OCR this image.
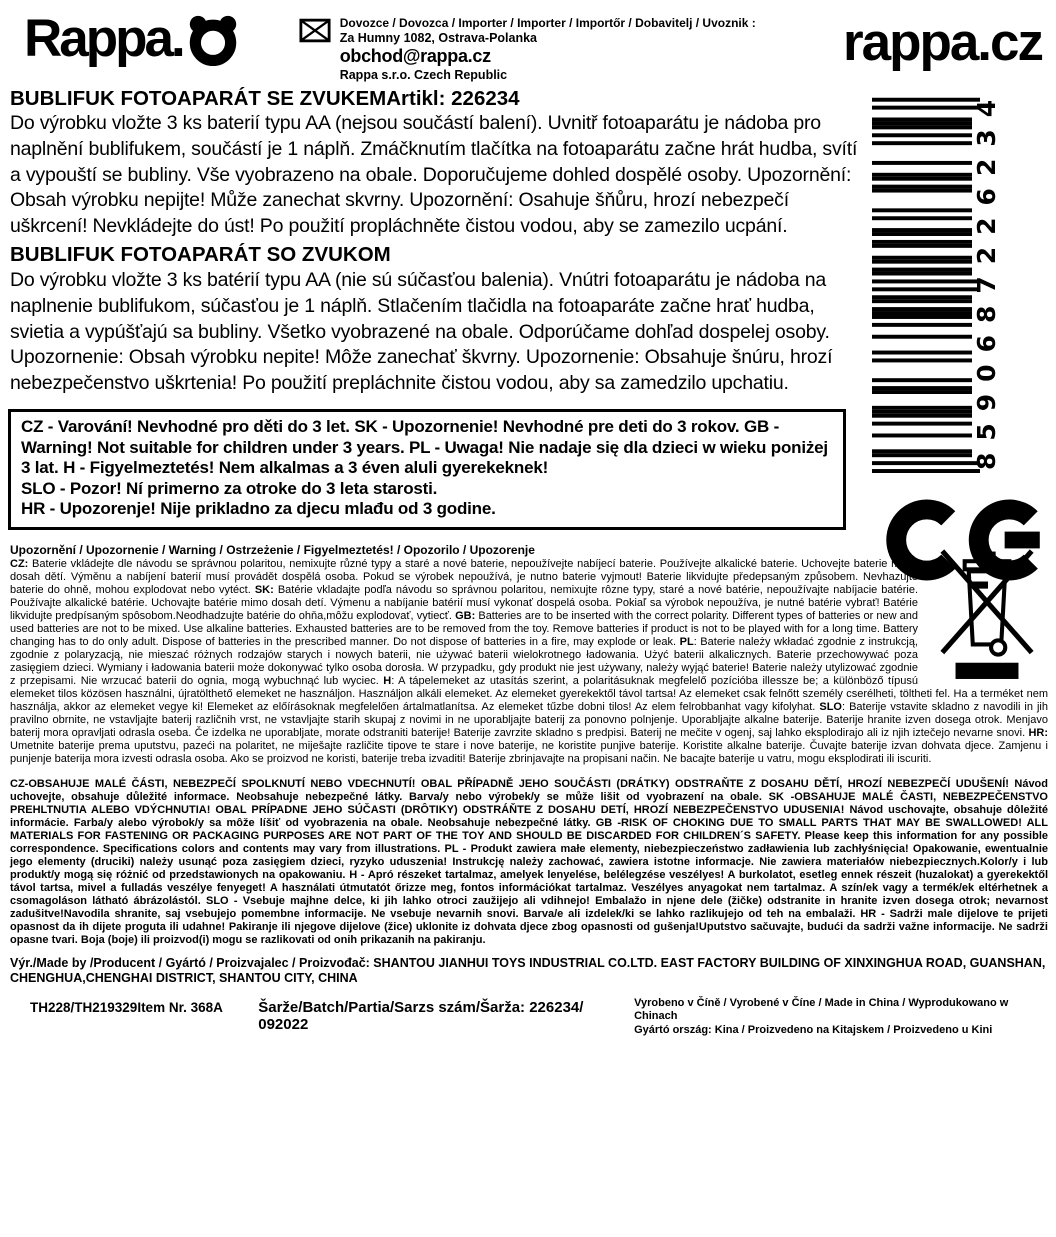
Rappa.	Dovozce / Dovozca / Importer / Importer / Importőr / Dobavitelj / Uvoznik :
Za Humny 1082, Ostrava-Polanka
obchod@rappa.cz
Rappa s.r.o. Czech Republic
rappa.cz
BUBLIFUK FOTOAPARÁT SE ZVUKEM Artikl: 226234

Do výrobku vložte 3 ks baterií typu AA (nejsou součástí balení). Uvnitř fotoaparátu je nádoba pro naplnění bublifukem, součástí je 1 náplň. Zmáčknutím tlačítka na fotoaparátu začne hrát hudba, svítí a vypouští se bubliny. Vše vyobrazeno na obale. Doporučujeme dohled dospělé osoby. Upozornění: Obsah výrobku nepijte! Může zanechat skvrny. Upozornění: Osahuje šňůru, hrozí nebezpečí uškrcení! Nevkládejte do úst! Po použití propláchněte čistou vodou, aby se zamezilo ucpání.

BUBLIFUK FOTOAPARÁT SO ZVUKOM

Do výrobku vložte 3 ks batérií typu AA (nie sú súčasťou balenia). Vnútri fotoaparátu je nádoba na naplnenie bublifukom, súčasťou je 1 náplň. Stlačením tlačidla na fotoaparáte začne hrať hudba, svietia a vypúšťajú sa bubliny. Všetko vyobrazené na obale. Odporúčame dohľad dospelej osoby. Upozornenie: Obsah výrobku nepite! Môže zanechať škvrny. Upozornenie: Obsahuje šnúru, hrozí nebezpečenstvo uškrtenia! Po použití prepláchnite čistou vodou, aby sa zamedzilo upchatiu.	8590687226234
CZ - Varování! Nevhodné pro děti do 3 let. SK - Upozornenie! Nevhodné pre deti do 3 rokov. GB - Warning! Not suitable for children under 3 years. PL - Uwaga! Nie nadaje się dla dzieci w wieku poniżej 3 lat. H - Figyelmeztetés! Nem alkalmas a 3 éven aluli gyerekeknek!
SLO - Pozor! Ní primerno za otroke do 3 leta starosti.
HR - Upozorenje! Nije prikladno za djecu mlađu od 3 godine.
Upozornění / Upozornenie / Warning / Ostrzeżenie / Figyelmeztetés! / Opozorilo / Upozorenje
CZ: Baterie vkládejte dle návodu se správnou polaritou, nemixujte různé typy a staré a nové baterie, nepoužívejte nabíjecí baterie. Používejte alkalické baterie. Uchovejte baterie mimo dosah dětí. Výměnu a nabíjení baterií musí provádět dospělá osoba. Pokud se výrobek nepoužívá, je nutno baterie vyjmout! Baterie likvidujte předepsaným způsobem. Nevhazujte baterie do ohně, mohou explodovat nebo vytéct. SK: Batérie vkladajte podľa návodu so správnou polaritou, nemixujte rôzne typy, staré a nové batérie, nepoužívajte nabíjacie batérie. Používajte alkalické batérie. Uchovajte batérie mimo dosah detí. Výmenu a nabíjanie batérií musí vykonať dospelá osoba. Pokiaľ sa výrobok nepoužíva, je nutné batérie vybrať! Batérie likvidujte predpísaným spôsobom.Neodhadzujte batérie do ohňa,môžu explodovať, vytiecť. GB: Batteries are to be inserted with the correct polarity. Different types of batteries or new and used batteries are not to be mixed. Use alkaline batteries. Exhausted batteries are to be removed from the toy. Remove batteries if product is not to be played with for a long time. Battery changing has to do only adult. Dispose of batteries in the prescribed manner. Do not dispose of batteries in a fire, may explode or leak. PL: Baterie należy wkładać zgodnie z instrukcją, zgodnie z polaryzacją, nie mieszać różnych rodzajów starych i nowych baterii, nie używać baterii wielokrotnego ładowania. Użyć baterii alkalicznych. Baterie przechowywać poza zasięgiem dzieci. Wymiany i ładowania baterii może dokonywać tylko osoba dorosła. W przypadku, gdy produkt nie jest używany, należy wyjąć baterie! Baterie należy utylizować zgodnie z przepisami. Nie wrzucać baterii do ognia, mogą wybuchnąć lub wyciec. H: A tápelemeket az utasítás szerint, a polaritásuknak megfelelő pozícióba illessze be; a különböző típusú elemeket tilos közösen használni, újratölthető elemeket ne használjon. Használjon alkáli elemeket. Az elemeket gyerekektől távol tartsa! Az elemeket csak felnőtt személy cserélheti, töltheti fel. Ha a terméket nem használja, akkor az elemeket vegye ki! Elemeket az előírásoknak megfelelően ártalmatlanítsa. Az elemeket tűzbe dobni tilos! Az elem felrobbanhat vagy kifolyhat. SLO: Baterije vstavite skladno z navodili in jih pravilno obrnite, ne vstavljajte baterij različnih vrst, ne vstavljajte starih skupaj z novimi in ne uporabljajte baterij za ponovno polnjenje. Uporabljajte alkalne baterije. Baterije hranite izven dosega otrok. Menjavo baterij mora opravljati odrasla oseba. Če izdelka ne uporabljate, morate odstraniti baterije! Baterije zavrzite skladno s predpisi. Baterij ne mečite v ogenj, saj lahko eksplodirajo ali iz njih iztečejo nevarne snovi. HR: Umetnite baterije prema uputstvu, pazeći na polaritet, ne miješajte različite tipove te stare i nove baterije, ne koristite punjive baterije. Koristite alkalne baterije. Čuvajte baterije izvan dohvata djece. Zamjenu i punjenje baterija mora izvesti odrasla osoba. Ako se proizvod ne koristi, baterije treba izvaditi! Baterije zbrinjavajte na propisani način. Ne bacajte baterije u vatru, mogu eksplodirati ili iscuriti.
CZ-OBSAHUJE MALÉ ČÁSTI, NEBEZPEČÍ SPOLKNUTÍ NEBO VDECHNUTÍ! OBAL PŘÍPADNĚ JEHO SOUČÁSTI (DRÁTKY) ODSTRAŇTE Z DOSAHU DĚTÍ, HROZÍ NEBEZPEČÍ UDUŠENÍ! Návod uchovejte, obsahuje důležité informace. Neobsahuje nebezpečné látky. Barva/y nebo výrobek/y se může lišit od vyobrazení na obale. SK -OBSAHUJE MALÉ ČASTI, NEBEZPEČENSTVO PREHLTNUTIA ALEBO VDÝCHNUTIA! OBAL PRÍPADNE JEHO SÚČASTI (DRÔTIKY) ODSTRÁŇTE Z DOSAHU DETÍ, HROZÍ NEBEZPEČENSTVO UDUSENIA! Návod uschovajte, obsahuje dôležité informácie. Farba/y alebo výrobok/y sa môže líšiť od vyobrazenia na obale. Neobsahuje nebezpečné látky. GB -RISK OF CHOKING DUE TO SMALL PARTS THAT MAY BE SWALLOWED! ALL MATERIALS FOR FASTENING OR PACKAGING PURPOSES ARE NOT PART OF THE TOY AND SHOULD BE DISCARDED FOR CHILDREN´S SAFETY. Please keep this information for any possible correspondence. Specifications colors and contents may vary from illustrations. PL - Produkt zawiera małe elementy, niebezpieczeństwo zadławienia lub zachłyśnięcia! Opakowanie, ewentualnie jego elementy (druciki) należy usunąć poza zasięgiem dzieci, ryzyko uduszenia! Instrukcję należy zachować, zawiera istotne informacje. Nie zawiera materiałów niebezpiecznych.Kolor/y i lub produkt/y mogą się różnić od przedstawionych na opakowaniu. H - Apró részeket tartalmaz, amelyek lenyelése, belélegzése veszélyes! A burkolatot, esetleg ennek részeit (huzalokat) a gyerekektől távol tartsa, mivel a fulladás veszélye fenyeget! A használati útmutatót őrizze meg, fontos információkat tartalmaz. Veszélyes anyagokat nem tartalmaz. A szín/ek vagy a termék/ek eltérhetnek a csomagoláson látható ábrázolástól. SLO - Vsebuje majhne delce, ki jih lahko otroci zaužijejo ali vdihnejo! Embalažo in njene dele (žičke) odstranite in hranite izven dosega otrok; nevarnost zadušitve!Navodila shranite, saj vsebujejo pomembne informacije. Ne vsebuje nevarnih snovi. Barva/e ali izdelek/ki se lahko razlikujejo od teh na embalaži. HR - Sadrži male dijelove te prijeti opasnost da ih dijete proguta ili udahne! Pakiranje ili njegove dijelove (žice) uklonite iz dohvata djece zbog opasnosti od gušenja!Uputstvo sačuvajte, budući da sadrži važne informacije. Ne sadrži opasne tvari. Boja (boje) ili proizvod(i) mogu se razlikovati od onih prikazanih na pakiranju.
Výr./Made by /Producent / Gyártó / Proizvajalec / Proizvođač: SHANTOU JIANHUI TOYS INDUSTRIAL CO.LTD. EAST FACTORY BUILDING OF XINXINGHUA ROAD, GUANSHAN, CHENGHUA,CHENGHAI DISTRICT, SHANTOU CITY, CHINA
TH228/TH219329Item Nr. 368A	Šarže/Batch/Partia/Sarzs szám/Šarža: 226234/ 092022
Vyrobeno v Číně / Vyrobené v Číne / Made in China / Wyprodukowano w Chinach
Gyártó ország: Kina / Proizvedeno na Kitajskem / Proizvedeno u Kini
